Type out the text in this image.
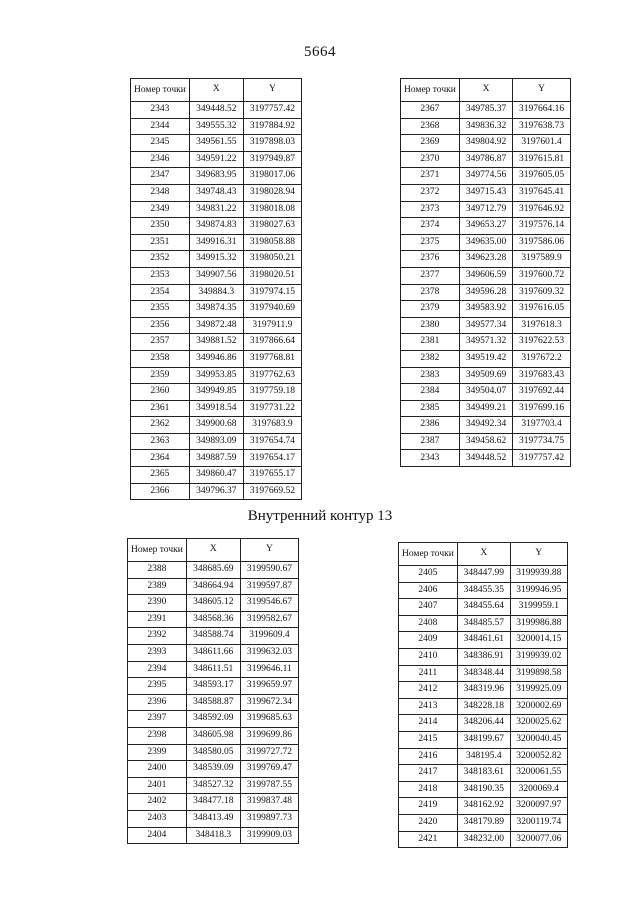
5664
Номер точки	X	Y
2343	349448.52	3197757.42
2344	349555.32	3197884.92
2345	349561.55	3197898.03
2346	349591.22	3197949.87
2347	349683.95	3198017.06
2348	349748.43	3198028.94
2349	349831.22	3198018.08
2350	349874.83	3198027.63
2351	349916.31	3198058.88
2352	349915.32	3198050.21
2353	349907.56	3198020.51
2354	349884.3	3197974.15
2355	349874.35	3197940.69
2356	349872.48	3197911.9
2357	349881.52	3197866.64
2358	349946.86	3197768.81
2359	349953.85	3197762.63
2360	349949.85	3197759.18
2361	349918.54	3197731.22
2362	349900.68	3197683.9
2363	349893.09	3197654.74
2364	349887.59	3197654.17
2365	349860.47	3197655.17
2366	349796.37	3197669.52
Номер точки	X	Y
2367	349785.37	3197664.16
2368	349836.32	3197638.73
2369	349804.92	3197601.4
2370	349786.87	3197615.81
2371	349774.56	3197605.05
2372	349715.43	3197645.41
2373	349712.79	3197646.92
2374	349653.27	3197576.14
2375	349635.00	3197586.06
2376	349623.28	3197589.9
2377	349606.59	3197600.72
2378	349596.28	3197609.32
2379	349583.92	3197616.05
2380	349577.34	3197618.3
2381	349571.32	3197622.53
2382	349519.42	3197672.2
2383	349509.69	3197683.43
2384	349504.07	3197692.44
2385	349499.21	3197699.16
2386	349492.34	3197703.4
2387	349458.62	3197734.75
2343	349448.52	3197757.42
Внутренний контур 13
Номер точки	X	Y
2388	348685.69	3199590.67
2389	348664.94	3199597.87
2390	348605.12	3199546.67
2391	348568.36	3199582.67
2392	348588.74	3199609.4
2393	348611.66	3199632.03
2394	348611.51	3199646.11
2395	348593.17	3199659.97
2396	348588.87	3199672.34
2397	348592.09	3199685.63
2398	348605.98	3199699.86
2399	348580.05	3199727.72
2400	348539.09	3199769.47
2401	348527.32	3199787.55
2402	348477.18	3199837.48
2403	348413.49	3199897.73
2404	348418.3	3199909.03
Номер точки	X	Y
2405	348447.99	3199939.88
2406	348455.35	3199946.95
2407	348455.64	3199959.1
2408	348485.57	3199986.88
2409	348461.61	3200014.15
2410	348386.91	3199939.02
2411	348348.44	3199898.58
2412	348319.96	3199925.09
2413	348228.18	3200002.69
2414	348206.44	3200025.62
2415	348199.67	3200040.45
2416	348195.4	3200052.82
2417	348183.61	3200061.55
2418	348190.35	3200069.4
2419	348162.92	3200097.97
2420	348179.89	3200119.74
2421	348232.00	3200077.06
